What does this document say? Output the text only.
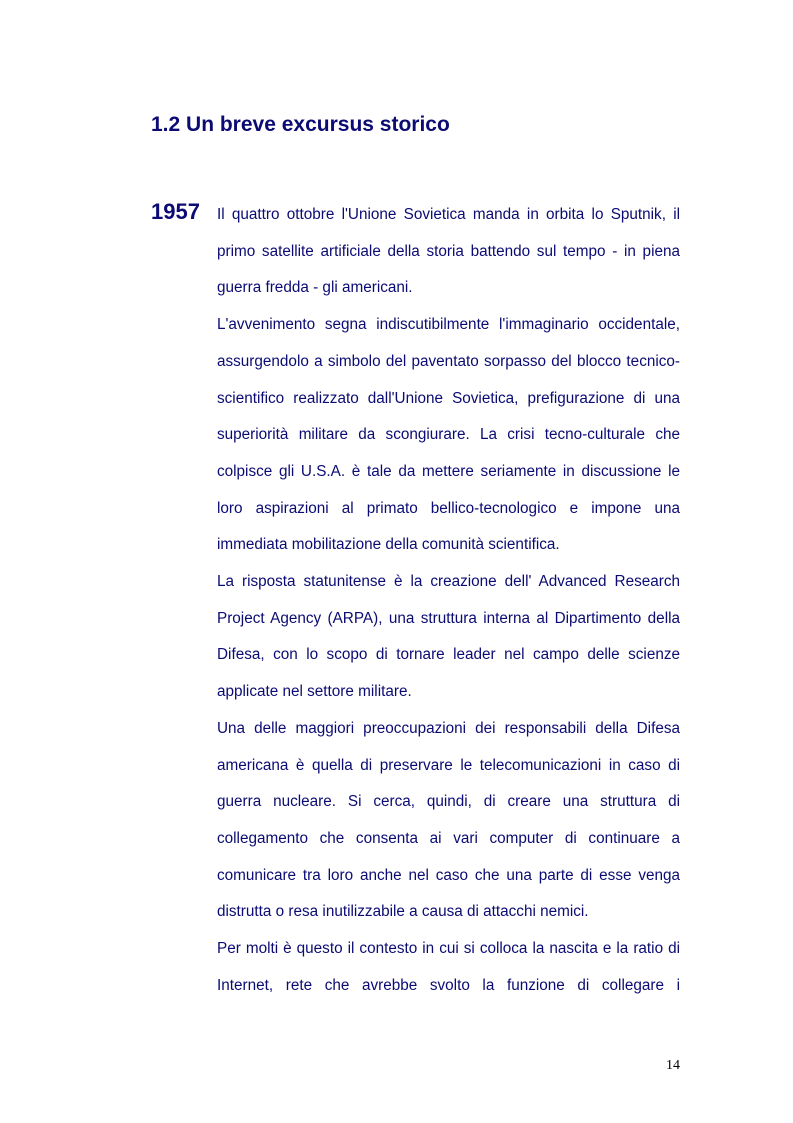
1.2 Un breve excursus storico
1957 Il quattro ottobre l'Unione Sovietica manda in orbita lo Sputnik, il primo satellite artificiale della storia battendo sul tempo - in piena guerra fredda - gli americani.

L'avvenimento segna indiscutibilmente l'immaginario occidentale, assurgendolo a simbolo del paventato sorpasso del blocco tecnico-scientifico realizzato dall'Unione Sovietica, prefigurazione di una superiorità militare da scongiurare. La crisi tecno-culturale che colpisce gli U.S.A. è tale da mettere seriamente in discussione le loro aspirazioni al primato bellico-tecnologico e impone una immediata mobilitazione della comunità scientifica.

La risposta statunitense è la creazione dell' Advanced Research Project Agency (ARPA), una struttura interna al Dipartimento della Difesa, con lo scopo di tornare leader nel campo delle scienze applicate nel settore militare.

Una delle maggiori preoccupazioni dei responsabili della Difesa americana è quella di preservare le telecomunicazioni in caso di guerra nucleare. Si cerca, quindi, di creare una struttura di collegamento che consenta ai vari computer di continuare a comunicare tra loro anche nel caso che una parte di esse venga distrutta o resa inutilizzabile a causa di attacchi nemici.

Per molti è questo il contesto in cui si colloca la nascita e la ratio di Internet, rete che avrebbe svolto la funzione di collegare i

14
